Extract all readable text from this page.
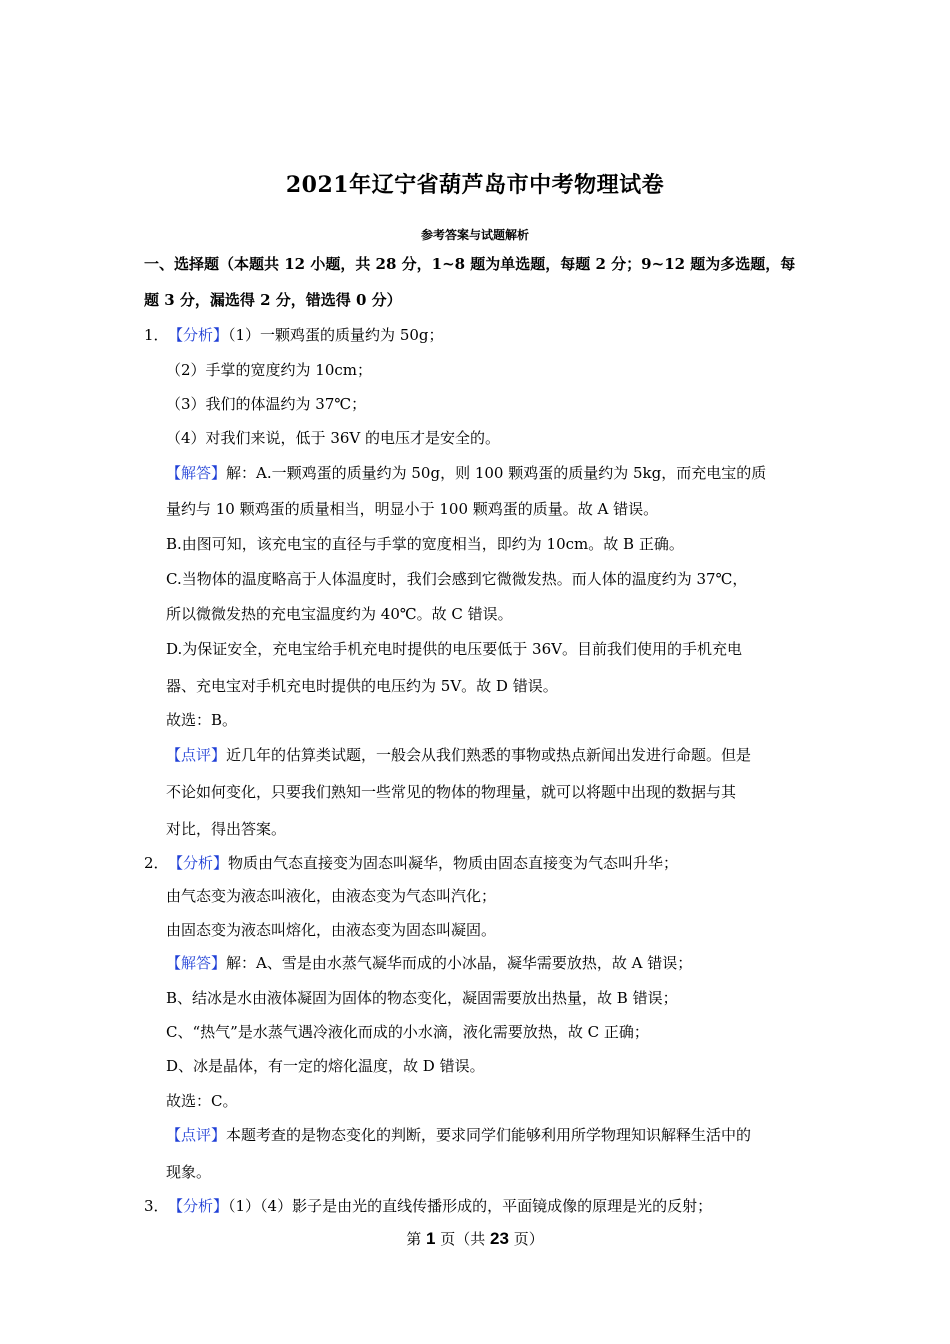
2021年辽宁省葫芦岛市中考物理试卷
参考答案与试题解析
一、选择题（本题共 12 小题，共 28 分，1~8 题为单选题，每题 2 分；9~12 题为多选题，每
题 3 分，漏选得 2 分，错选得 0 分）
1．【分析】（1）一颗鸡蛋的质量约为 50g；
（2）手掌的宽度约为 10cm；
（3）我们的体温约为 37℃；
（4）对我们来说，低于 36V 的电压才是安全的。
【解答】解：A.一颗鸡蛋的质量约为 50g，则 100 颗鸡蛋的质量约为 5kg，而充电宝的质
量约与 10 颗鸡蛋的质量相当，明显小于 100 颗鸡蛋的质量。故 A 错误。
B.由图可知，该充电宝的直径与手掌的宽度相当，即约为 10cm。故 B 正确。
C.当物体的温度略高于人体温度时，我们会感到它微微发热。而人体的温度约为 37℃，
所以微微发热的充电宝温度约为 40℃。故 C 错误。
D.为保证安全，充电宝给手机充电时提供的电压要低于 36V。目前我们使用的手机充电
器、充电宝对手机充电时提供的电压约为 5V。故 D 错误。
故选：B。
【点评】近几年的估算类试题，一般会从我们熟悉的事物或热点新闻出发进行命题。但是
不论如何变化，只要我们熟知一些常见的物体的物理量，就可以将题中出现的数据与其
对比，得出答案。
2．【分析】物质由气态直接变为固态叫凝华，物质由固态直接变为气态叫升华；
由气态变为液态叫液化，由液态变为气态叫汽化；
由固态变为液态叫熔化，由液态变为固态叫凝固。
【解答】解：A、雪是由水蒸气凝华而成的小冰晶，凝华需要放热，故 A 错误；
B、结冰是水由液体凝固为固体的物态变化，凝固需要放出热量，故 B 错误；
C、“热气”是水蒸气遇冷液化而成的小水滴，液化需要放热，故 C 正确；
D、冰是晶体，有一定的熔化温度，故 D 错误。
故选：C。
【点评】本题考查的是物态变化的判断，要求同学们能够利用所学物理知识解释生活中的
现象。
3．【分析】（1）（4）影子是由光的直线传播形成的，平面镜成像的原理是光的反射；
第 1 页（共 23 页）
